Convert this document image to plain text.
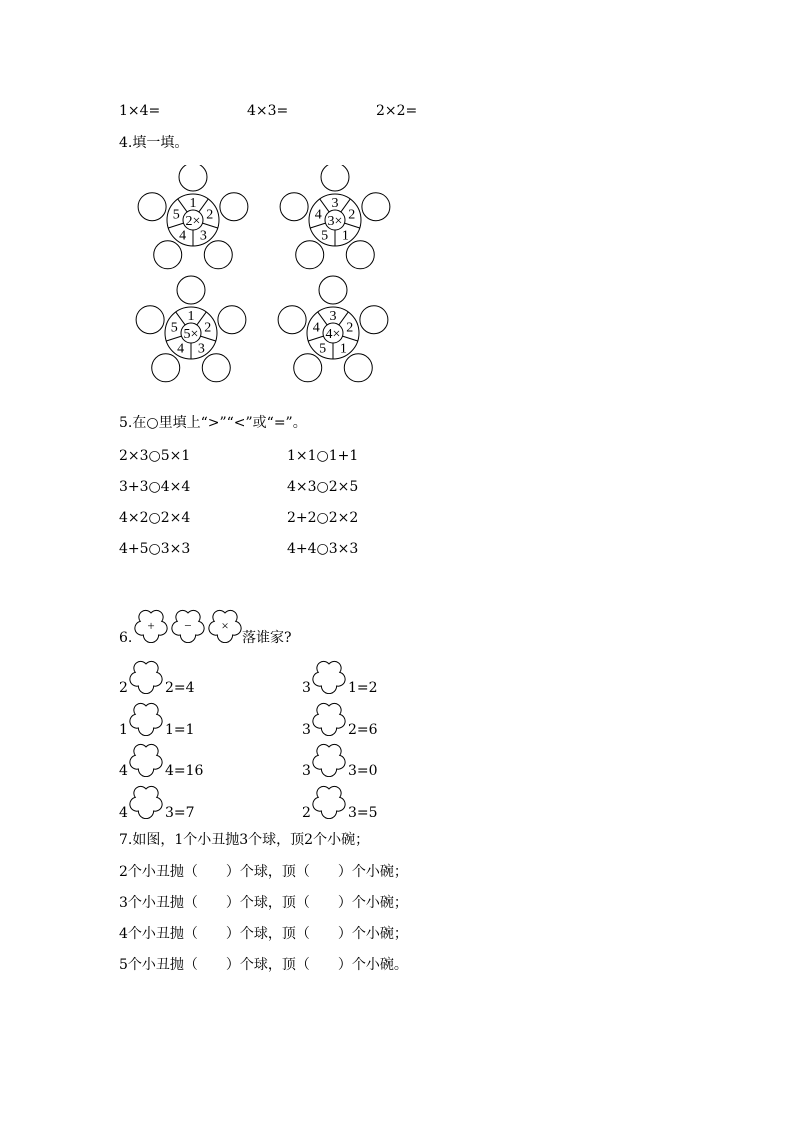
1×4=	4×3=	2×2=
4.填一填。
2×
1
2
3
4
5	3×
3
2
1
5
4
5×
1
2
3
4
5	4×
3
2
1
5
4
5.在○里填上“>”“<”或“=”。
2×3○5×1	1×1○1+1
3+3○4×4	4×3○2×5
4×2○2×4	2+2○2×2
4+5○3×3	4+4○3×3
6.
+ − ×
落谁家?
2	2=4	3	1=2
1	1=1	3	2=6
4	4=16	3	3=0
4	3=7	2	3=5
7.如图，1个小丑抛3个球，顶2个小碗；
2个小丑抛（　　）个球，顶（　　）个小碗；
3个小丑抛（　　）个球，顶（　　）个小碗；
4个小丑抛（　　）个球，顶（　　）个小碗；
5个小丑抛（　　）个球，顶（　　）个小碗。
